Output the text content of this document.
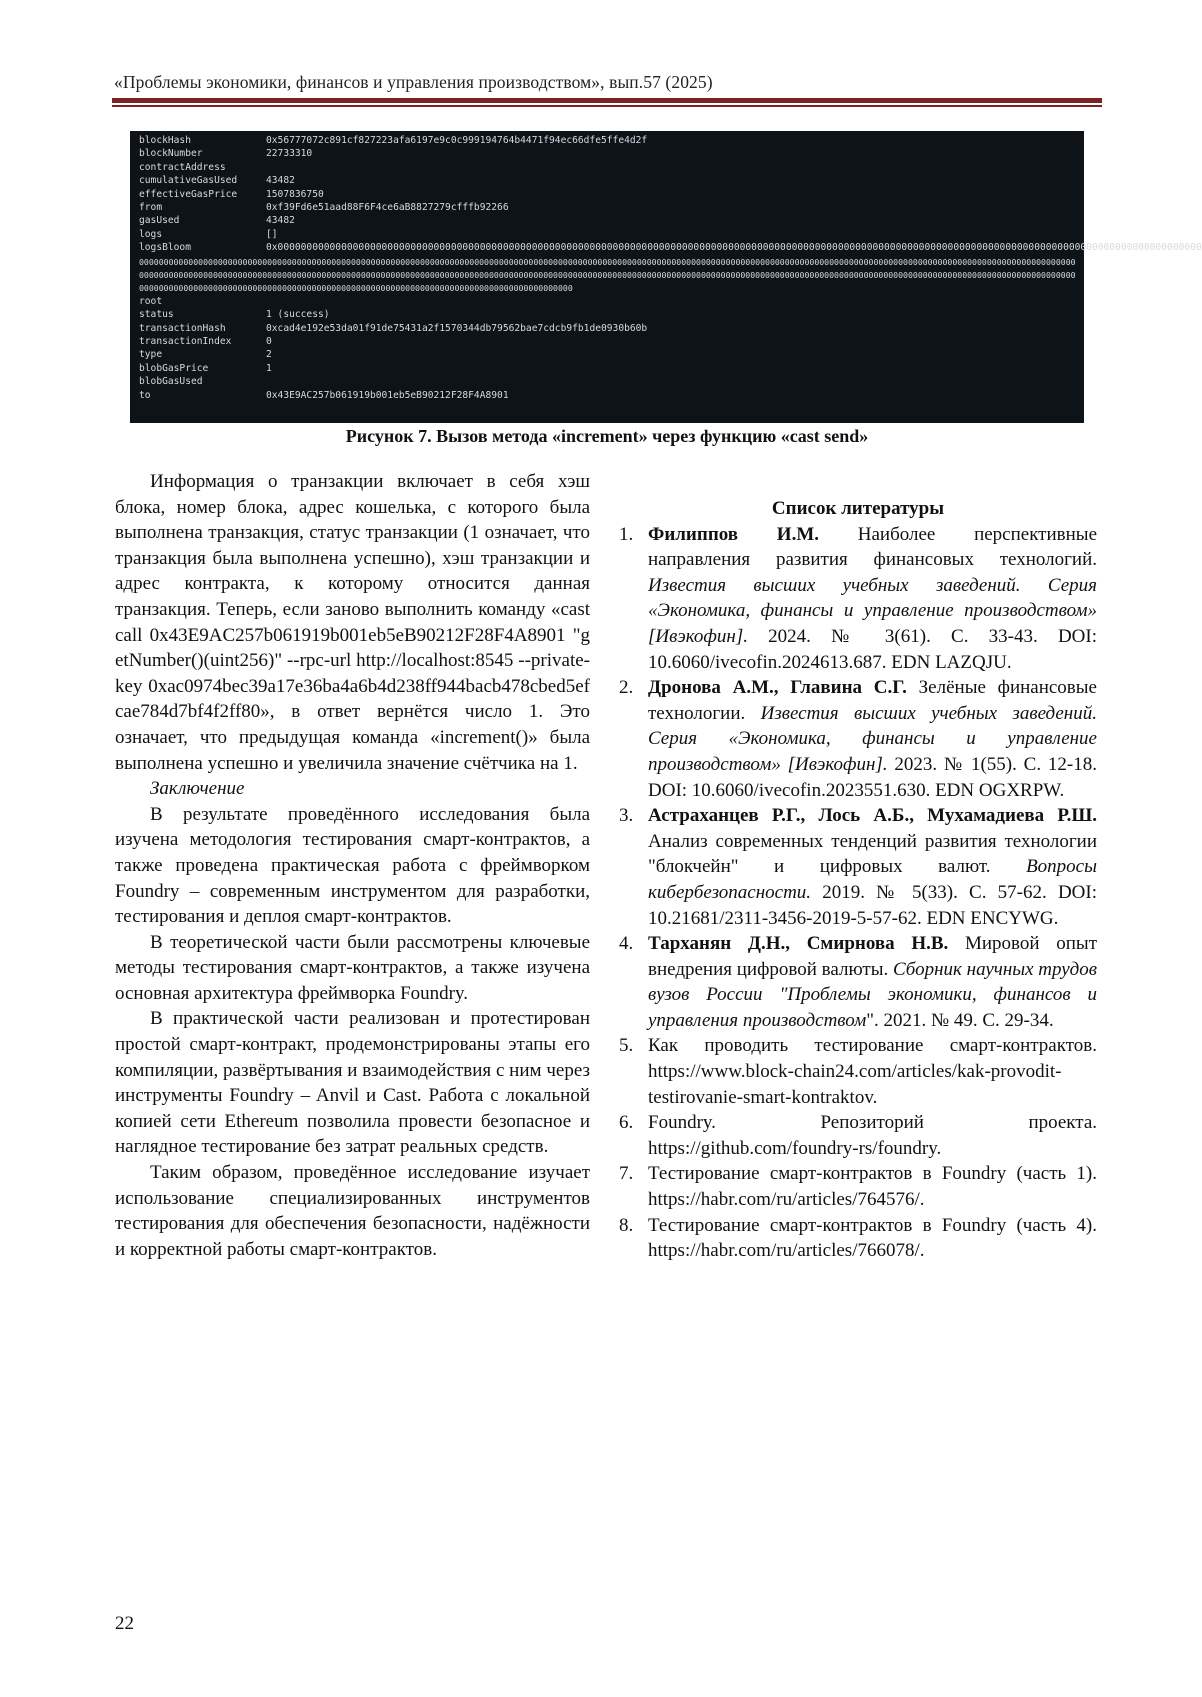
«Проблемы экономики, финансов и управления производством», вып.57 (2025)
blockHash	0x56777072c891cf827223afa6197e9c0c999194764b4471f94ec66dfe5ffe4d2f
blockNumber	22733310
contractAddress
cumulativeGasUsed	43482
effectiveGasPrice	1507836750
from	0xf39Fd6e51aad88F6F4ce6aB8827279cfffb92266
gasUsed	43482
logs	[]
logsBloom	0x0000000000000000000000000000000000000000000000000000000000000000000000000000000000000000000000000000000000000000000000000000000000000000000000000000000000000000
0000000000000000000000000000000000000000000000000000000000000000000000000000000000000000000000000000000000000000000000000000000000000000000000000000000000000000000000000000000000000000000000
0000000000000000000000000000000000000000000000000000000000000000000000000000000000000000000000000000000000000000000000000000000000000000000000000000000000000000000000000000000000000000000000
0000000000000000000000000000000000000000000000000000000000000000000000000000000000000000
root
status	1 (success)
transactionHash	0xcad4e192e53da01f91de75431a2f1570344db79562bae7cdcb9fb1de0930b60b
transactionIndex	0
type	2
blobGasPrice	1
blobGasUsed
to	0x43E9AC257b061919b001eb5eB90212F28F4A8901
Рисунок 7. Вызов метода «increment» через функцию «cast send»

Информация о транзакции включает в себя хэш блока, номер блока, адрес кошелька, с которого была выполнена транзакция, статус транзакции (1 означает, что транзакция была выполнена успешно), хэш транзакции и адрес контракта, к которому относится данная транзакция. Теперь, если заново выполнить команду «cast call 0x43E9AC257b061919b001eb5eB90212F28F4A8901 "getNumber()(uint256)" --rpc-url http://localhost:8545 --private-key 0xac0974bec39a17e36ba4a6b4d238ff944bacb478cbed5efcae784d7bf4f2ff80», в ответ вернётся число 1. Это означает, что предыдущая команда «increment()» была выполнена успешно и увеличила значение счётчика на 1.

Заключение

В результате проведённого исследования была изучена методология тестирования смарт-контрактов, а также проведена практическая работа с фреймворком Foundry – современным инструментом для разработки, тестирования и деплоя смарт-контрактов.

В теоретической части были рассмотрены ключевые методы тестирования смарт-контрактов, а также изучена основная архитектура фреймворка Foundry.

В практической части реализован и протестирован простой смарт-контракт, продемонстрированы этапы его компиляции, развёртывания и взаимодействия с ним через инструменты Foundry – Anvil и Cast. Работа с локальной копией сети Ethereum позволила провести безопасное и наглядное тестирование без затрат реальных средств.

Таким образом, проведённое исследование изучает использование специализированных инструментов тестирования для обеспечения безопасности, надёжности и корректной работы смарт-контрактов.

Список литературы
1. Филиппов И.М. Наиболее перспективные направления развития финансовых технологий. Известия высших учебных заведений. Серия «Экономика, финансы и управление производством» [Ивэкофин]. 2024. № 3(61). С. 33-43. DOI: 10.6060/ivecofin.2024613.687. EDN LAZQJU.
2. Дронова А.М., Главина С.Г. Зелёные финансовые технологии. Известия высших учебных заведений. Серия «Экономика, финансы и управление производством» [Ивэкофин]. 2023. № 1(55). С. 12-18. DOI: 10.6060/ivecofin.2023551.630. EDN OGXRPW.
3. Астраханцев Р.Г., Лось А.Б., Мухамадиева Р.Ш. Анализ современных тенденций развития технологии "блокчейн" и цифровых валют. Вопросы кибербезопасности. 2019. № 5(33). С. 57-62. DOI: 10.21681/2311-3456-2019-5-57-62. EDN ENCYWG.
4. Тарханян Д.Н., Смирнова Н.В. Мировой опыт внедрения цифровой валюты. Сборник научных трудов вузов России "Проблемы экономики, финансов и управления производством". 2021. № 49. С. 29-34.
5. Как проводить тестирование смарт-контрактов. https://www.block-chain24.com/articles/kak-provodit-testirovanie-smart-kontraktov.
6. Foundry. Репозиторий проекта. https://github.com/foundry-rs/foundry.
7. Тестирование смарт-контрактов в Foundry (часть 1). https://habr.com/ru/articles/764576/.
8. Тестирование смарт-контрактов в Foundry (часть 4). https://habr.com/ru/articles/766078/.
22
